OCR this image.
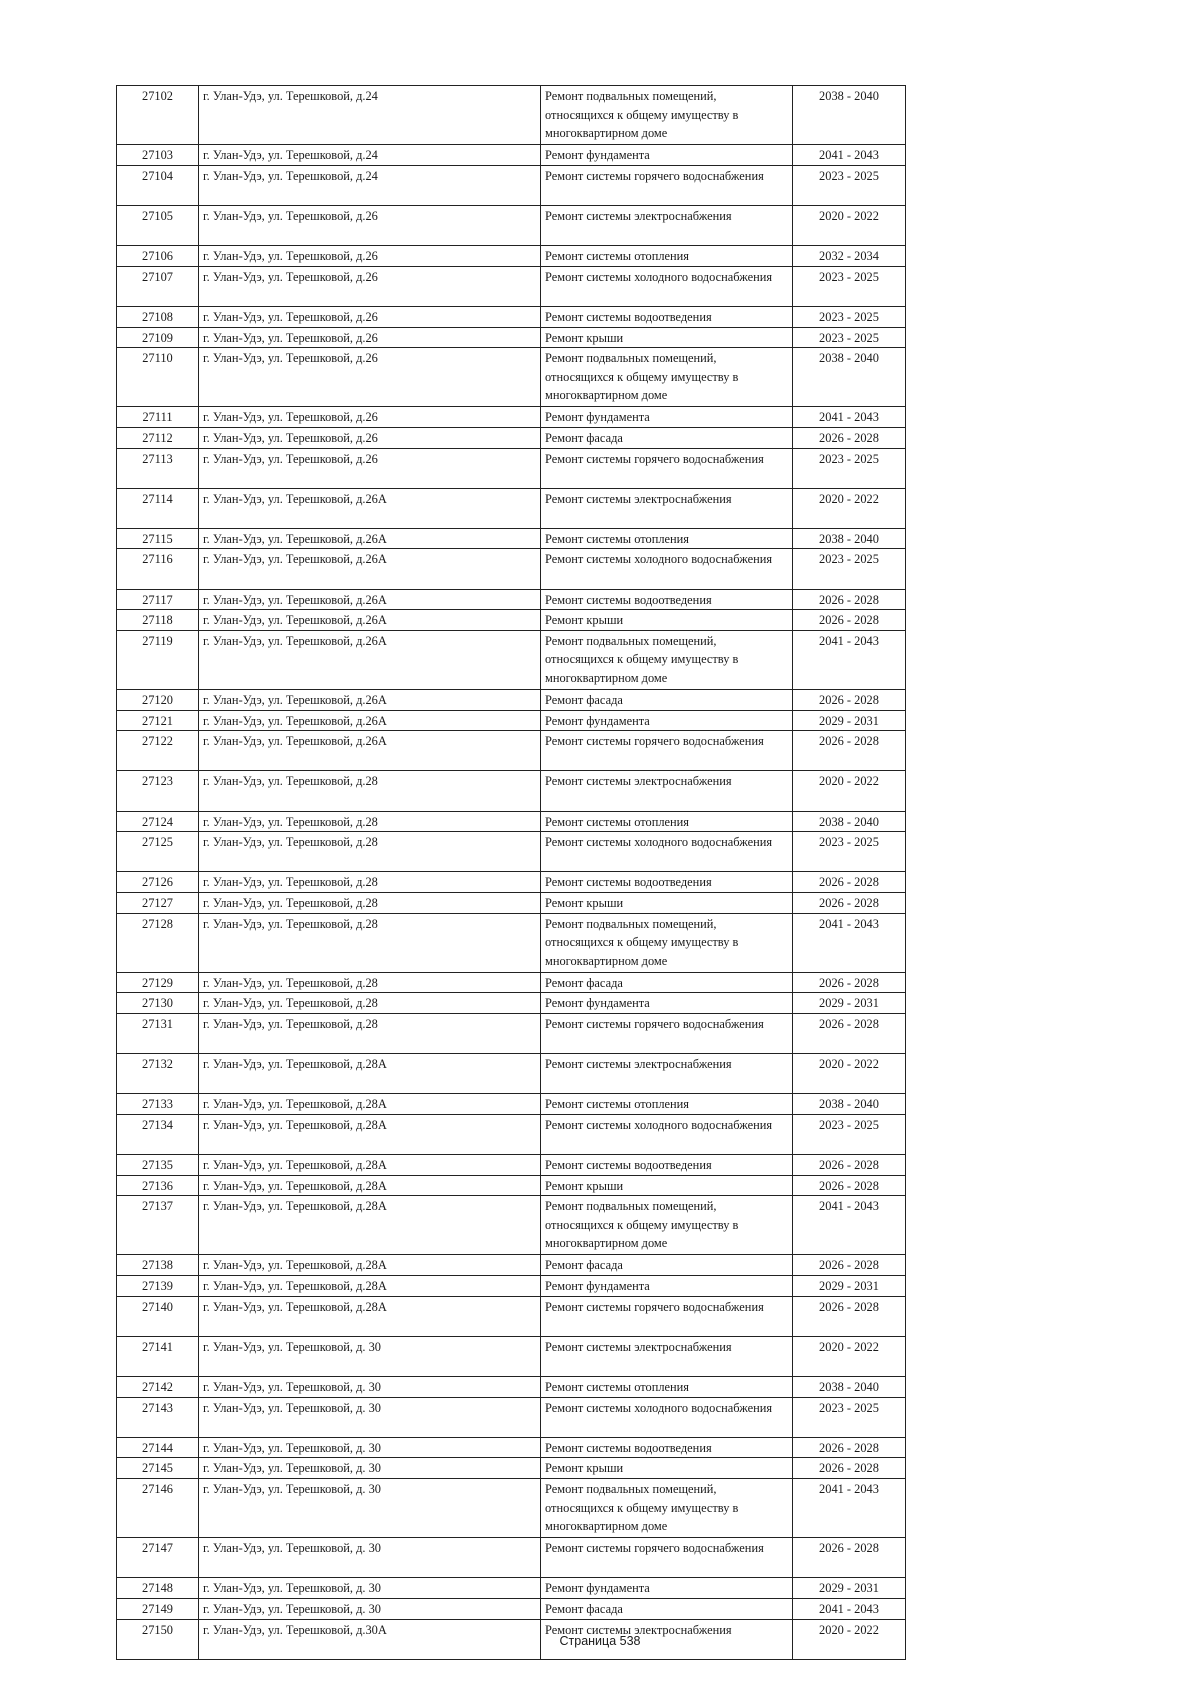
27102	г. Улан-Удэ, ул. Терешковой, д.24	Ремонт подвальных помещений, относящихся к общему имуществу в многоквартирном доме	2038 - 2040
27103	г. Улан-Удэ, ул. Терешковой, д.24	Ремонт фундамента	2041 - 2043
27104	г. Улан-Удэ, ул. Терешковой, д.24	Ремонт системы горячего водоснабжения	2023 - 2025
27105	г. Улан-Удэ, ул. Терешковой, д.26	Ремонт системы электроснабжения	2020 - 2022
27106	г. Улан-Удэ, ул. Терешковой, д.26	Ремонт системы отопления	2032 - 2034
27107	г. Улан-Удэ, ул. Терешковой, д.26	Ремонт системы холодного водоснабжения	2023 - 2025
27108	г. Улан-Удэ, ул. Терешковой, д.26	Ремонт системы водоотведения	2023 - 2025
27109	г. Улан-Удэ, ул. Терешковой, д.26	Ремонт крыши	2023 - 2025
27110	г. Улан-Удэ, ул. Терешковой, д.26	Ремонт подвальных помещений, относящихся к общему имуществу в многоквартирном доме	2038 - 2040
27111	г. Улан-Удэ, ул. Терешковой, д.26	Ремонт фундамента	2041 - 2043
27112	г. Улан-Удэ, ул. Терешковой, д.26	Ремонт фасада	2026 - 2028
27113	г. Улан-Удэ, ул. Терешковой, д.26	Ремонт системы горячего водоснабжения	2023 - 2025
27114	г. Улан-Удэ, ул. Терешковой, д.26А	Ремонт системы электроснабжения	2020 - 2022
27115	г. Улан-Удэ, ул. Терешковой, д.26А	Ремонт системы отопления	2038 - 2040
27116	г. Улан-Удэ, ул. Терешковой, д.26А	Ремонт системы холодного водоснабжения	2023 - 2025
27117	г. Улан-Удэ, ул. Терешковой, д.26А	Ремонт системы водоотведения	2026 - 2028
27118	г. Улан-Удэ, ул. Терешковой, д.26А	Ремонт крыши	2026 - 2028
27119	г. Улан-Удэ, ул. Терешковой, д.26А	Ремонт подвальных помещений, относящихся к общему имуществу в многоквартирном доме	2041 - 2043
27120	г. Улан-Удэ, ул. Терешковой, д.26А	Ремонт фасада	2026 - 2028
27121	г. Улан-Удэ, ул. Терешковой, д.26А	Ремонт фундамента	2029 - 2031
27122	г. Улан-Удэ, ул. Терешковой, д.26А	Ремонт системы горячего водоснабжения	2026 - 2028
27123	г. Улан-Удэ, ул. Терешковой, д.28	Ремонт системы электроснабжения	2020 - 2022
27124	г. Улан-Удэ, ул. Терешковой, д.28	Ремонт системы отопления	2038 - 2040
27125	г. Улан-Удэ, ул. Терешковой, д.28	Ремонт системы холодного водоснабжения	2023 - 2025
27126	г. Улан-Удэ, ул. Терешковой, д.28	Ремонт системы водоотведения	2026 - 2028
27127	г. Улан-Удэ, ул. Терешковой, д.28	Ремонт крыши	2026 - 2028
27128	г. Улан-Удэ, ул. Терешковой, д.28	Ремонт подвальных помещений, относящихся к общему имуществу в многоквартирном доме	2041 - 2043
27129	г. Улан-Удэ, ул. Терешковой, д.28	Ремонт фасада	2026 - 2028
27130	г. Улан-Удэ, ул. Терешковой, д.28	Ремонт фундамента	2029 - 2031
27131	г. Улан-Удэ, ул. Терешковой, д.28	Ремонт системы горячего водоснабжения	2026 - 2028
27132	г. Улан-Удэ, ул. Терешковой, д.28А	Ремонт системы электроснабжения	2020 - 2022
27133	г. Улан-Удэ, ул. Терешковой, д.28А	Ремонт системы отопления	2038 - 2040
27134	г. Улан-Удэ, ул. Терешковой, д.28А	Ремонт системы холодного водоснабжения	2023 - 2025
27135	г. Улан-Удэ, ул. Терешковой, д.28А	Ремонт системы водоотведения	2026 - 2028
27136	г. Улан-Удэ, ул. Терешковой, д.28А	Ремонт крыши	2026 - 2028
27137	г. Улан-Удэ, ул. Терешковой, д.28А	Ремонт подвальных помещений, относящихся к общему имуществу в многоквартирном доме	2041 - 2043
27138	г. Улан-Удэ, ул. Терешковой, д.28А	Ремонт фасада	2026 - 2028
27139	г. Улан-Удэ, ул. Терешковой, д.28А	Ремонт фундамента	2029 - 2031
27140	г. Улан-Удэ, ул. Терешковой, д.28А	Ремонт системы горячего водоснабжения	2026 - 2028
27141	г. Улан-Удэ, ул. Терешковой, д. 30	Ремонт системы электроснабжения	2020 - 2022
27142	г. Улан-Удэ, ул. Терешковой, д. 30	Ремонт системы отопления	2038 - 2040
27143	г. Улан-Удэ, ул. Терешковой, д. 30	Ремонт системы холодного водоснабжения	2023 - 2025
27144	г. Улан-Удэ, ул. Терешковой, д. 30	Ремонт системы водоотведения	2026 - 2028
27145	г. Улан-Удэ, ул. Терешковой, д. 30	Ремонт крыши	2026 - 2028
27146	г. Улан-Удэ, ул. Терешковой, д. 30	Ремонт подвальных помещений, относящихся к общему имуществу в многоквартирном доме	2041 - 2043
27147	г. Улан-Удэ, ул. Терешковой, д. 30	Ремонт системы горячего водоснабжения	2026 - 2028
27148	г. Улан-Удэ, ул. Терешковой, д. 30	Ремонт фундамента	2029 - 2031
27149	г. Улан-Удэ, ул. Терешковой, д. 30	Ремонт фасада	2041 - 2043
27150	г. Улан-Удэ, ул. Терешковой, д.30А	Ремонт системы электроснабжения	2020 - 2022
Страница 538
